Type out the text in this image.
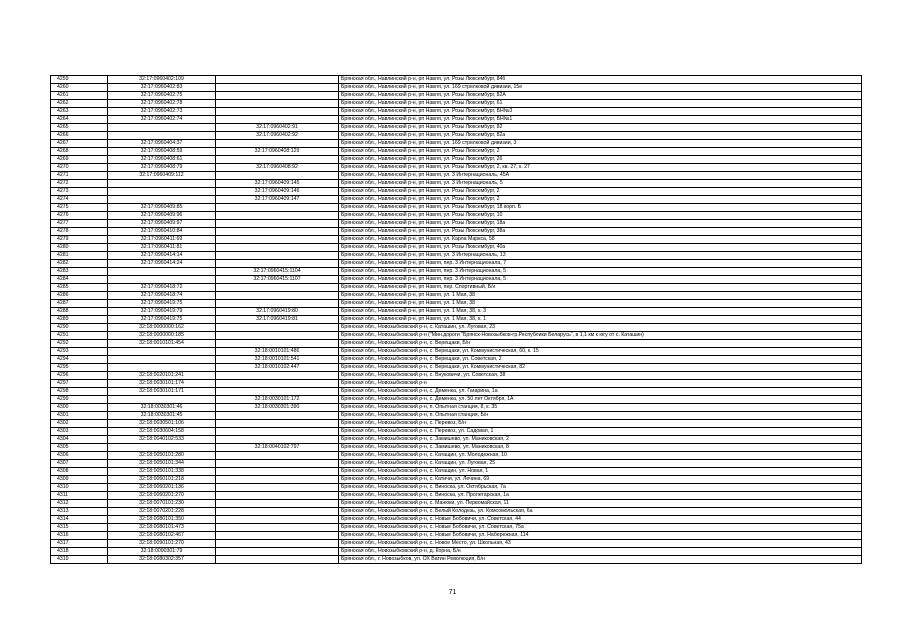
4259	32:17:0960402:109		Брянская обл., Навлинский р-н, рп Навля, ул. Розы Люксембург, 84б
4260	32:17:0960402:83		Брянская обл., Навлинский р-н, рп Навля, ул. 169 стрелковой дивизии, 15е
4261	32:17:0960402:75		Брянская обл., Навлинский р-н, рп Навля, ул. Розы Люксембург, 82А
4262	32:17:0960402:78		Брянская обл., Навлинский р-н, рп Навля, ул. Розы Люксембург, 61
4263	32:17:0960402:73		Брянская обл., Навлинский р-н, рп Навля, ул. Розы Люксембург, БН№3
4264	32:17:0960402:74		Брянская обл., Навлинский р-н, рп Навля, ул. Розы Люксембург, БН№1
4265		32:17:0960402:91	Брянская обл., Навлинский р-н, рп Навля, ул. Розы Люксембург, 82
4266		32:17:0960402:92	Брянская обл., Навлинский р-н, рп Навля, ул. Розы Люксембург, 82а
4267	32:17:0960404:37		Брянская обл., Навлинский р-н, рп Навля, ул. 169 стрелковой дивизии, 3
4268	32:17:0960408:59	32:17:0960408:129	Брянская обл., Навлинский р-н, рп Навля, ул. Розы Люксембург, 2
4269	32:17:0960408:61		Брянская обл., Навлинский р-н, рп Навля, ул. Розы Люксембург, 26
4270	32:17:0960408:79	32:17:0960408:92	Брянская обл., Навлинский р-н, рп Навля, ул. Розы Люксембург, 2, кв. 27, к. 27
4271	32:17:0960409:112		Брянская обл., Навлинский р-н, рп Навля, ул. 3 Интернациональ, 45А
4272		32:17:0960409:145	Брянская обл., Навлинский р-н, рп Навля, ул. 3 Интернациональ, 5
4273		32:17:0960409:146	Брянская обл., Навлинский р-н, рп Навля, ул. Розы Люксембург, 2
4274		32:17:0960409:147	Брянская обл., Навлинский р-н, рп Навля, ул. Розы Люксембург, 2
4275	32:17:0960409:85		Брянская обл., Навлинский р-н, рп Навля, ул. Розы Люксембург, 18 корп. Б
4276	32:17:0960409:96		Брянская обл., Навлинский р-н, рп Навля, ул. Розы Люксембург, 10
4277	32:17:0960409:97		Брянская обл., Навлинский р-н, рп Навля, ул. Розы Люксембург, 18а
4278	32:17:0960410:84		Брянская обл., Навлинский р-н, рп Навля, ул. Розы Люксембург, 38а
4279	32:17:0960411:69		Брянская обл., Навлинский р-н, рп Навля, ул. Карла Маркса, 58
4280	32:17:0960411:81		Брянская обл., Навлинский р-н, рп Навля, ул. Розы Люксембург, 40а
4281	32:17:0960414:14		Брянская обл., Навлинский р-н, рп Навля, ул. 3 Интернациональ, 13
4282	32:17:0960414:24		Брянская обл., Навлинский р-н, рп Навля, пер. 3 Интернационала, 7
4283		32:17:0960415:1104	Брянская обл., Навлинский р-н, рп Навля, пер. 3 Интернационала, 5
4284		32:17:0960415:1107	Брянская обл., Навлинский р-н, рп Навля, пер. 3 Интернационала, 5
4285	32:17:0960418:72		Брянская обл., Навлинский р-н, рп Навля, пер. Спортивный, Б/н
4286	32:17:0960418:74		Брянская обл., Навлинский р-н, рп Навля, ул. 1 Мая, 38
4287	32:17:0960419:75		Брянская обл., Навлинский р-н, рп Навля, ул. 1 Мая, 38
4288	32:17:0960419:79	32:17:0960419:80	Брянская обл., Навлинский р-н, рп Навля, ул. 1 Мая, 38, к. 3
4289	32:17:0960419:75	32:17:0960419:81	Брянская обл., Навлинский р-н, рп Навля, ул. 1 Мая, 38, к. 1
4290	32:18:0000000:162		Брянская обл., Новозыбковский р-н, с. Каташин, ул. Луговая, 23
4291	32:18:0000000:185		Брянская обл., Новозыбковский р-н ("Мин.дороги "Брянск-Новозыбков-гр.Республики Беларусь", в 1,1 км к югу от с. Каташин)
4292	32:18:0010101:454		Брянская обл., Новозыбковский р-н, с. Верещаки, Б/н
4293		32:18:0010101:486	Брянская обл., Новозыбковский р-н, с. Верещаки, ул. Коммунистическая, 60, к. 15
4294		32:18:0010101:541	Брянская обл., Новозыбковский р-н, с. Верещаки, ул. Советская, 2
4295		32:18:0010102:447	Брянская обл., Новозыбковский р-н, с. Верещаки, ул. Коммунистическая, 82
4296	32:18:0020101:241		Брянская обл., Новозыбковский р-н, с. Внуковичи, ул. Советская, 38
4297	32:18:0030101:174		Брянская обл., Новозыбковский р-н
4298	32:18:0030101:171		Брянская обл., Новозыбковский р-н, с. Деменка, ул. Гагарина, 1а
4299		32:18:0030101:172	Брянская обл., Новозыбковский р-н, с. Деменка, ул. 50 лет Октября, 1А
4300	32:18:0030301:46	32:18:0030301:390	Брянская обл., Новозыбковский р-н, п. Опытная станция, 8, к. 35
4301	32:18:0030301:45		Брянская обл., Новозыбковский р-н, п. Опытная станция, Б/н
4302	32:18:0030501:106		Брянская обл., Новозыбковский р-н, с. Перевоз, Б/н
4303	32:18:0030604:158		Брянская обл., Новозыбковский р-н, с. Перевоз, ул. Садовая, 1
4304	32:18:0040102:533		Брянская обл., Новозыбковский р-н, с. Замишево, ул. Маниковская, 2
4305		32:18:0040102:797	Брянская обл., Новозыбковский р-н, с. Замишево, ул. Маниковская, 8
4306	32:18:0050101:280		Брянская обл., Новозыбковский р-н, с. Катащин, ул. Молодежная, 10
4307	32:18:0050101:344		Брянская обл., Новозыбковский р-н, с. Катащин, ул. Луговая, 25
4308	32:18:0050101:338		Брянская обл., Новозыбковский р-н, с. Катащин, ул. Новая, 1
4309	32:18:0060101:218		Брянская обл., Новозыбковский р-н, с. Катичи, ул. Лечина, 69
4310	32:18:0060201:136		Брянская обл., Новозыбковский р-н, с. Виноска, ул. Октябрьская, 7а
4311	32:18:0060201:270		Брянская обл., Новозыбковский р-н, с. Виноска, ул. Пролетарская, 1а
4312	32:18:0070101:230		Брянская обл., Новозыбковский р-н, с. Манюки, ул. Первомайская, 11
4313	32:18:0070201:228		Брянская обл., Новозыбковский р-н, с. Белый Колодезь, ул. Комсомольская, 6а
4314	32:18:0080101:350		Брянская обл., Новозыбковский р-н, с. Новые Бобовичи, ул. Советская, 44
4315	32:18:0080101:473		Брянская обл., Новозыбковский р-н, с. Новые Бобовичи, ул. Советская, 75а
4316	32:18:0080102:467		Брянская обл., Новозыбковский р-н, с. Новые Бобовичи, ул. Набережная, 114
4317	32:18:0090101:270		Брянская обл., Новозыбковский р-н, с. Новое Место, ул. Школьная, 43
4318	32:18:0090301:79		Брянская обл., Новозыбковский р-н, д. Корна, Б/н
4319	32:18:0080302:357		Брянская обл., г. Новозыбков, ул. ОХ Ватин Революция, Б/н
71
